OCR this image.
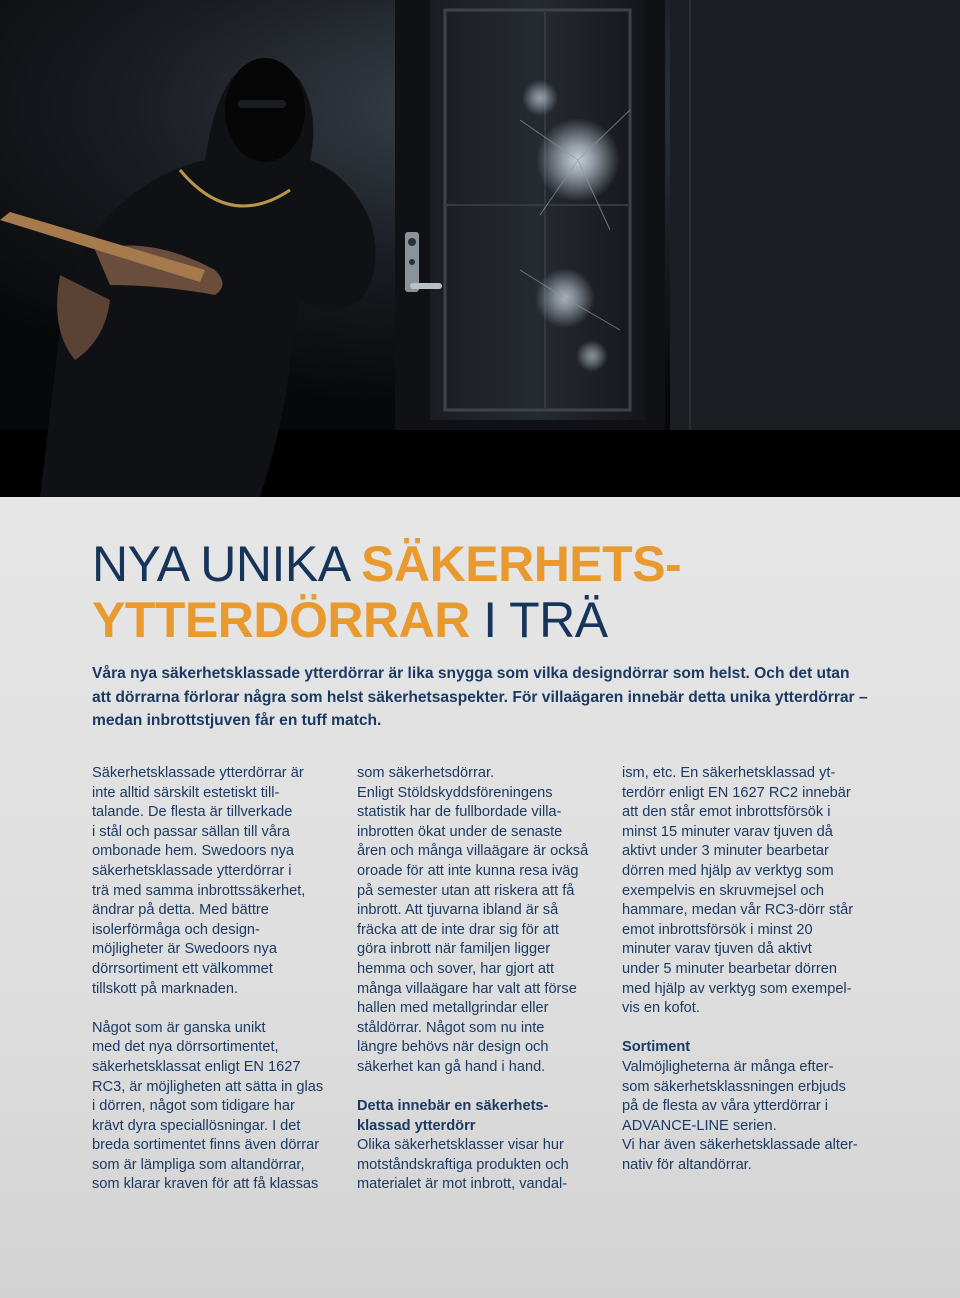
NYA UNIKA SÄKERHETS-
YTTERDÖRRAR I TRÄ

Våra nya säkerhetsklassade ytterdörrar är lika snygga som vilka designdörrar som helst. Och det utan att dörrarna förlorar några som helst säkerhetsaspekter. För villaägaren innebär detta unika ytterdörrar – medan inbrottstjuven får en tuff match.

Säkerhetsklassade ytterdörrar är

inte alltid särskilt estetiskt till-

talande. De flesta är tillverkade

i stål och passar sällan till våra

ombonade hem. Swedoors nya

säkerhetsklassade ytterdörrar i

trä med samma inbrottssäkerhet,

ändrar på detta. Med bättre

isolerförmåga och design-

möjligheter är Swedoors nya

dörrsortiment ett välkommet

tillskott på marknaden.

Något som är ganska unikt

med det nya dörrsortimentet,

säkerhetsklassat enligt EN 1627

RC3, är möjligheten att sätta in glas

i dörren, något som tidigare har

krävt dyra speciallösningar. I det

breda sortimentet finns även dörrar

som är lämpliga som altandörrar,

som klarar kraven för att få klassas

som säkerhetsdörrar.

Enligt Stöldskyddsföreningens

statistik har de fullbordade villa-

inbrotten ökat under de senaste

åren och många villaägare är också

oroade för att inte kunna resa iväg

på semester utan att riskera att få

inbrott. Att tjuvarna ibland är så

fräcka att de inte drar sig för att

göra inbrott när familjen ligger

hemma och sover, har gjort att

många villaägare har valt att förse

hallen med metallgrindar eller

ståldörrar. Något som nu inte

längre behövs när design och

säkerhet kan gå hand i hand.

Detta innebär en säkerhets-

klassad ytterdörr

Olika säkerhetsklasser visar hur

motståndskraftiga produkten och

materialet är mot inbrott, vandal-

ism, etc. En säkerhetsklassad yt-

terdörr enligt EN 1627 RC2 innebär

att den står emot inbrottsförsök i

minst 15 minuter varav tjuven då

aktivt under 3 minuter bearbetar

dörren med hjälp av verktyg som

exempelvis en skruvmejsel och

hammare, medan vår RC3-dörr står

emot inbrottsförsök i minst 20

minuter varav tjuven då aktivt

under 5 minuter bearbetar dörren

med hjälp av verktyg som exempel-

vis en kofot.

Sortiment

Valmöjligheterna är många efter-

som säkerhetsklassningen erbjuds

på de flesta av våra ytterdörrar i

ADVANCE-LINE serien.

Vi har även säkerhetsklassade alter-

nativ för altandörrar.
